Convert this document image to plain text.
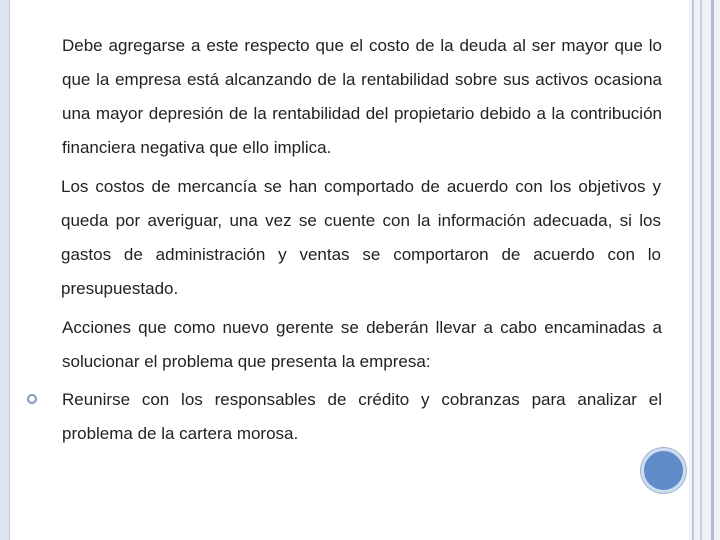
Debe agregarse a este respecto que el costo de la deuda al ser mayor que lo que la empresa está alcanzando de la rentabilidad sobre sus activos ocasiona una mayor depresión de la rentabilidad del propietario debido a la contribución financiera negativa que ello implica.

Los costos de mercancía se han comportado de acuerdo con los objetivos y queda por averiguar, una vez se cuente con la información adecuada, si los gastos de administración y ventas se comportaron de acuerdo con lo presupuestado.

Acciones que como nuevo gerente se deberán llevar a cabo encaminadas a solucionar el problema que presenta la empresa:

Reunirse con los responsables de crédito y cobranzas para analizar el problema de la cartera morosa.
